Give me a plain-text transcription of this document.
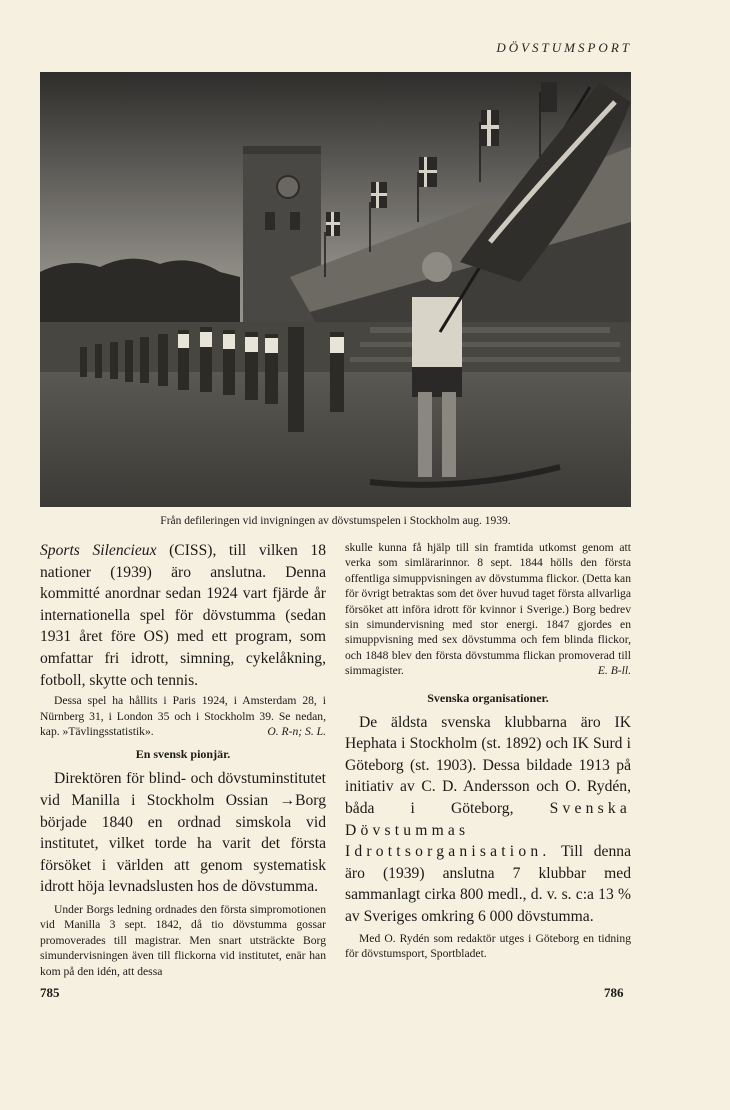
DÖVSTUMSPORT
Från defileringen vid invigningen av dövstumspelen i Stockholm aug. 1939.

Sports Silencieux (CISS), till vilken 18 nationer (1939) äro anslutna. Denna kommitté anordnar sedan 1924 vart fjärde år internationella spel för dövstumma (sedan 1931 året före OS) med ett program, som omfattar fri idrott, simning, cykelåkning, fotboll, skytte och tennis.

Dessa spel ha hållits i Paris 1924, i Amsterdam 28, i Nürnberg 31, i London 35 och i Stockholm 39. Se nedan, kap. »Tävlingsstatistik».	O. R-n; S. L.

En svensk pionjär.

Direktören för blind- och dövstuminstitutet vid Manilla i Stockholm Ossian →Borg började 1840 en ordnad simskola vid institutet, vilket torde ha varit det första försöket i världen att genom systematisk idrott höja levnadslusten hos de dövstumma.

Under Borgs ledning ordnades den första simpromotionen vid Manilla 3 sept. 1842, då tio dövstumma gossar promoverades till magistrar. Men snart utsträckte Borg simundervisningen även till flickorna vid institutet, enär han kom på den idén, att dessa

skulle kunna få hjälp till sin framtida utkomst genom att verka som simlärarinnor. 8 sept. 1844 hölls den första offentliga simuppvisningen av dövstumma flickor. (Detta kan för övrigt betraktas som det över huvud taget första allvarliga försöket att införa idrott för kvinnor i Sverige.) Borg bedrev sin simundervisning med stor energi. 1847 gjordes en simuppvisning med sex dövstumma och fem blinda flickor, och 1848 blev den första dövstumma flickan promoverad till simmagister.	E. B-ll.

Svenska organisationer.

De äldsta svenska klubbarna äro IK Hephata i Stockholm (st. 1892) och IK Surd i Göteborg (st. 1903). Dessa bildade 1913 på initiativ av C. D. Andersson och O. Rydén, båda i Göteborg, Svenska Dövstummas Idrottsorganisation. Till denna äro (1939) anslutna 7 klubbar med sammanlagt cirka 800 medl., d. v. s. c:a 13 % av Sveriges omkring 6 000 dövstumma.

Med O. Rydén som redaktör utges i Göteborg en tidning för dövstumsport, Sportbladet.

785	786
